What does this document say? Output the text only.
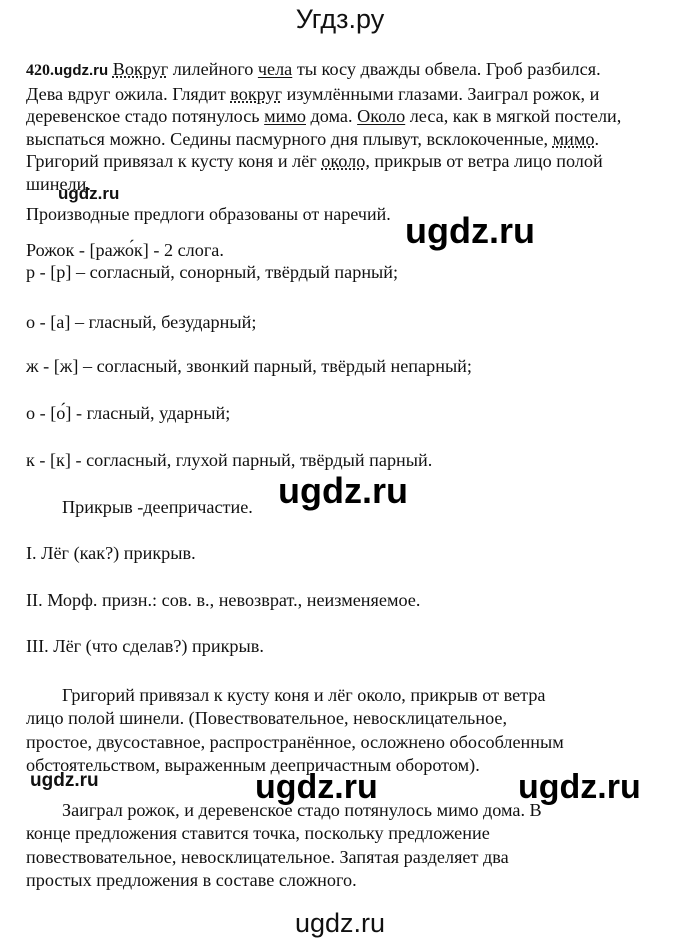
Угдз.ру
420.ugdz.ru Вокруг лилейного чела ты косу дважды обвела. Гроб разбился.
Дева вдруг ожила. Глядит вокруг изумлёнными глазами. Заиграл рожок, и
деревенское стадо потянулось мимо дома. Около леса, как в мягкой постели,
выспаться можно. Седины пасмурного дня плывут, всклокоченные, мимо.
Григорий привязал к кусту коня и лёг около, прикрыв от ветра лицо полой
шинели.
ugdz.ru
Производные предлоги образованы от наречий. ugdz.ru
Рожок - [ражо́к] - 2 слога.
р - [р] – согласный, сонорный, твёрдый парный;
о - [а] – гласный, безударный;
ж - [ж] – согласный, звонкий парный, твёрдый непарный;
о - [о́] - гласный, ударный;
к - [к] - согласный, глухой парный, твёрдый парный.
ugdz.ru
Прикрыв -деепричастие.
I. Лёг (как?) прикрыв.
II. Морф. призн.: сов. в., невозврат., неизменяемое.
III. Лёг (что сделав?) прикрыв.
Григорий привязал к кусту коня и лёг около, прикрыв от ветра
лицо полой шинели. (Повествовательное, невосклицательное,
простое, двусоставное, распространённое, осложнено обособленным
обстоятельством, выраженным деепричастным оборотом).
ugdz.ru	ugdz.ru	ugdz.ru
Заиграл рожок, и деревенское стадо потянулось мимо дома. В
конце предложения ставится точка, поскольку предложение
повествовательное, невосклицательное. Запятая разделяет два
простых предложения в составе сложного.
ugdz.ru
